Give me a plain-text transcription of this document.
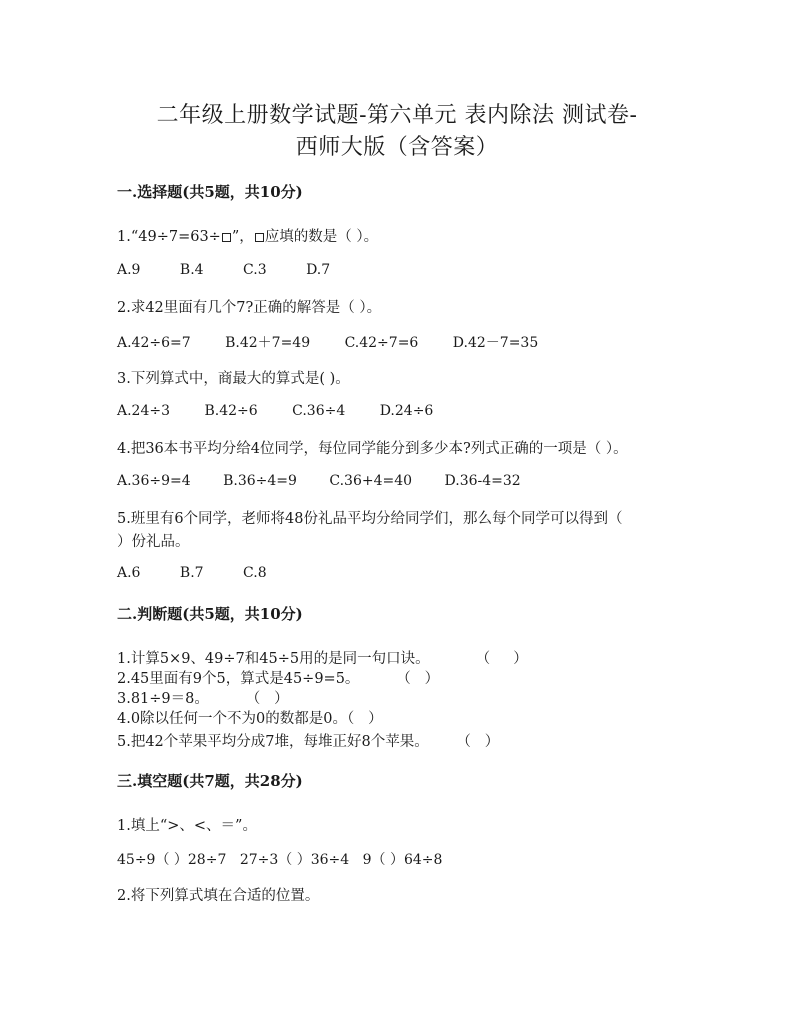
二年级上册数学试题-第六单元 表内除法 测试卷-
西师大版（含答案）
一.选择题(共5题，共10分)
1.“49÷7=63÷ ”， 应填的数是（ ）。
A.9	B.4	C.3	D.7
2.求42里面有几个7?正确的解答是（ ）。
A.42÷6=7 B.42＋7=49 C.42÷7=6 D.42－7=35
3.下列算式中，商最大的算式是( )。
A.24÷3 B.42÷6 C.36÷4 D.24÷6
4.把36本书平均分给4位同学，每位同学能分到多少本?列式正确的一项是（ ）。
A.36÷9=4 B.36÷4=9 C.36+4=40 D.36-4=32
5.班里有6个同学，老师将48份礼品平均分给同学们，那么每个同学可以得到（
）份礼品。
A.6	B.7	C.8
二.判断题(共5题，共10分)
1.计算5×9、49÷7和45÷5用的是同一句口诀。          （     ）
2.45里面有9个5，算式是45÷9=5。        （   ）
3.81÷9＝8。        （   ）
4.0除以任何一个不为0的数都是0。（   ）
5.把42个苹果平均分成7堆，每堆正好8个苹果。      （   ）
三.填空题(共7题，共28分)
1.填上“>、<、＝”。
45÷9（ ）28÷7 27÷3（ ）36÷4 9（ ）64÷8
2.将下列算式填在合适的位置。
